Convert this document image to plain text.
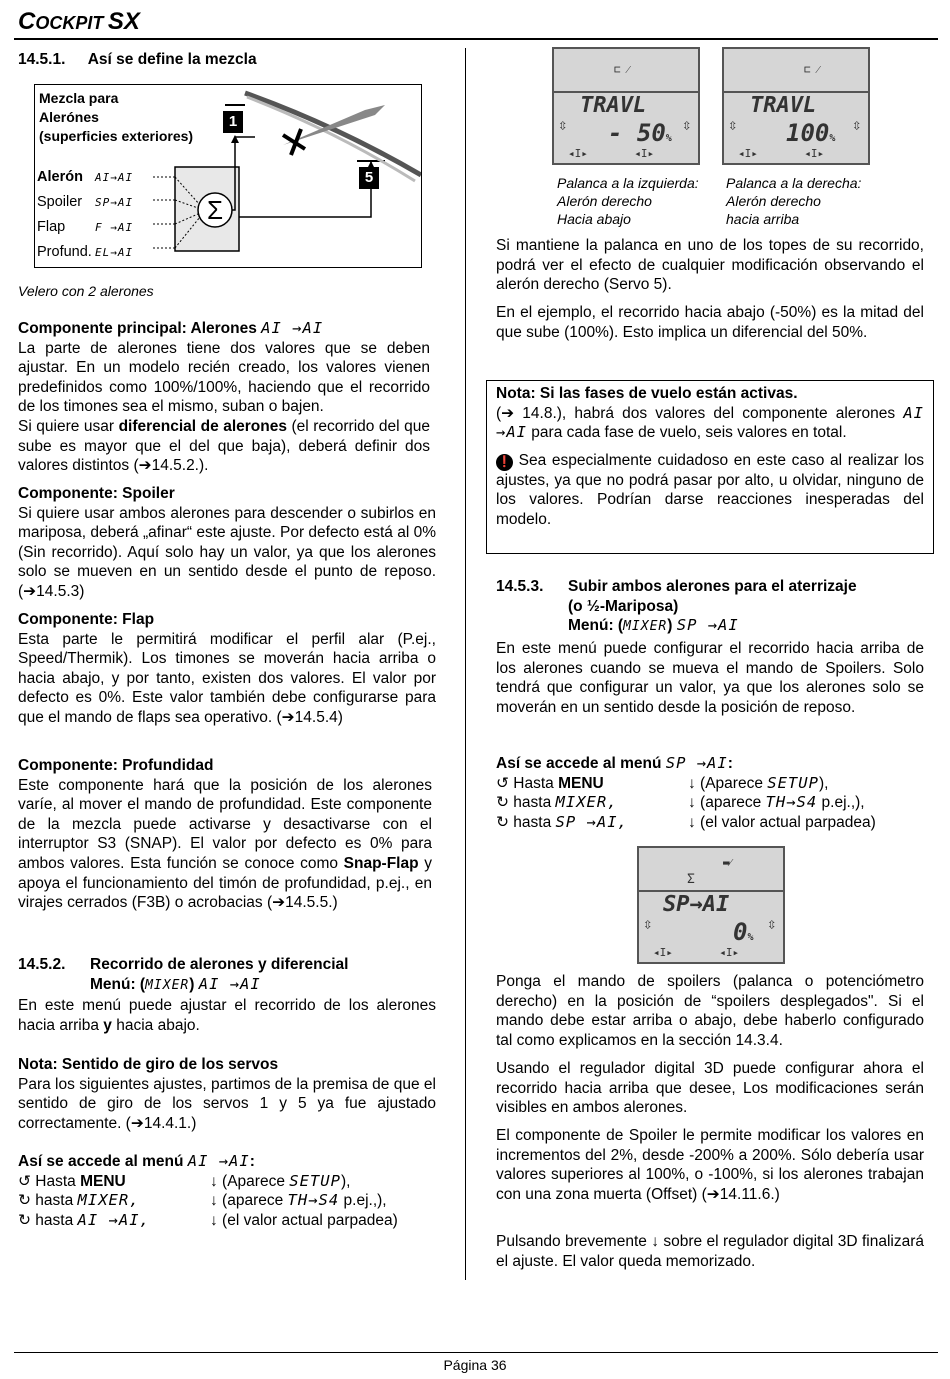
COCKPIT SX
14.5.1. Así se define la mezcla
Mezcla para
Alerónes
(superficies exteriores)
Alerón AI→AI
Spoiler SP→AI
Flap	F →AI
Profund. EL→AI
Σ
1
5
Velero con 2 alerones
Componente principal: Alerones AI →AI
La parte de alerones tiene dos valores que se deben ajustar. En un modelo recién creado, los valores vienen predefinidos como 100%/100%, haciendo que el recorrido de los timones sea el mismo, suban o bajen.
Si quiere usar diferencial de alerones (el recorrido del que sube es mayor que el del que baja), deberá definir dos valores distintos (➔14.5.2.).
Componente: Spoiler
Si quiere usar ambos alerones para descender o subirlos en mariposa, deberá „afinar“ este ajuste. Por defecto está al 0% (Sin recorrido). Aquí solo hay un valor, ya que los alerones solo se mueven en un sentido desde el punto de reposo. (➔14.5.3)
Componente: Flap
Esta parte le permitirá modificar el perfil alar (P.ej., Speed/Thermik). Los timones se moverán hacia arriba o hacia abajo, y por tanto, existen dos valores. El valor por defecto es 0%. Este valor también debe configurarse para que el mando de flaps sea operativo. (➔14.5.4)
Componente: Profundidad
Este componente hará que la posición de los alerones varíe, al mover el mando de profundidad. Este componente de la mezcla puede activarse y desactivarse con el interruptor S3 (SNAP). El valor por defecto es 0% para ambos valores. Esta función se conoce como Snap-Flap y apoya el funcionamiento del timón de profundidad, p.ej., en virajes cerrados (F3B) o acrobacias (➔14.5.5.)
14.5.2. Recorrido de alerones y diferencial
Menú: (MIXER) AI →AI
En este menú puede ajustar el recorrido de los alerones hacia arriba y hacia abajo.
Nota: Sentido de giro de los servos
Para los siguientes ajustes, partimos de la premisa de que el sentido de giro de los servos 1 y 5 ya fue ajustado correctamente. (➔14.4.1.)
Así se accede al menú AI →AI:
↺ Hasta MENU	↓ (Aparece SETUP),
↻ hasta MIXER,	↓ (aparece TH→S4 p.ej.,),
↻ hasta AI →AI,	↓ (el valor actual parpadea)
⊏ ⁄
TRAVL
- 50%
⇳	⇳
◂I▸       ◂I▸
Palanca a la izquierda:
Alerón derecho
Hacia abajo
⊏ ⁄
TRAVL
100%
⇳	⇳
◂I▸       ◂I▸
Palanca a la derecha:
Alerón derecho
hacia arriba
Si mantiene la palanca en uno de los topes de su recorrido, podrá ver el efecto de cualquier modificación observando el alerón derecho (Servo 5).
En el ejemplo, el recorrido hacia abajo (-50%) es la mitad del que sube (100%). Esto implica un diferencial del 50%.
Nota: Si las fases de vuelo están activas.
(➔ 14.8.), habrá dos valores del componente alerones AI →AI para cada fase de vuelo, seis valores en total.
❗ Sea especialmente cuidadoso en este caso al realizar los ajustes, ya que no podrá pasar por alto, u olvidar, ninguno de los valores. Podrían darse reacciones inesperadas del modelo.
14.5.3. Subir ambos alerones para el aterrizaje
(o ½-Mariposa)
Menú: (MIXER) SP →AI
En este menú puede configurar el recorrido hacia arriba de los alerones cuando se mueva el mando de Spoilers. Solo tendrá que configurar un valor, ya que los alerones solo se moverán en un sentido desde la posición de reposo.
Así se accede al menú SP →AI:
↺ Hasta MENU	↓ (Aparece SETUP),
↻ hasta MIXER,	↓ (aparece TH→S4 p.ej.,),
↻ hasta SP →AI,	↓ (el valor actual parpadea)
Σ
▬⁄
SP→AI
0%
⇳	⇳
◂I▸       ◂I▸
Ponga el mando de spoilers (palanca o potenciómetro derecho) en la posición de “spoilers desplegados". Si el mando debe estar arriba o abajo, debe haberlo configurado tal como explicamos en la sección 14.3.4.
Usando el regulador digital 3D puede configurar ahora el recorrido hacia arriba que desee, Los modificaciones serán visibles en ambos alerones.
El componente de Spoiler le permite modificar los valores en incrementos del 2%, desde -200% a 200%. Sólo debería usar valores superiores al 100%, o -100%, si los alerones trabajan con una zona muerta (Offset) (➔14.11.6.)
Pulsando brevemente ↓ sobre el regulador digital 3D finalizará el ajuste. El valor queda memorizado.
Página 36
